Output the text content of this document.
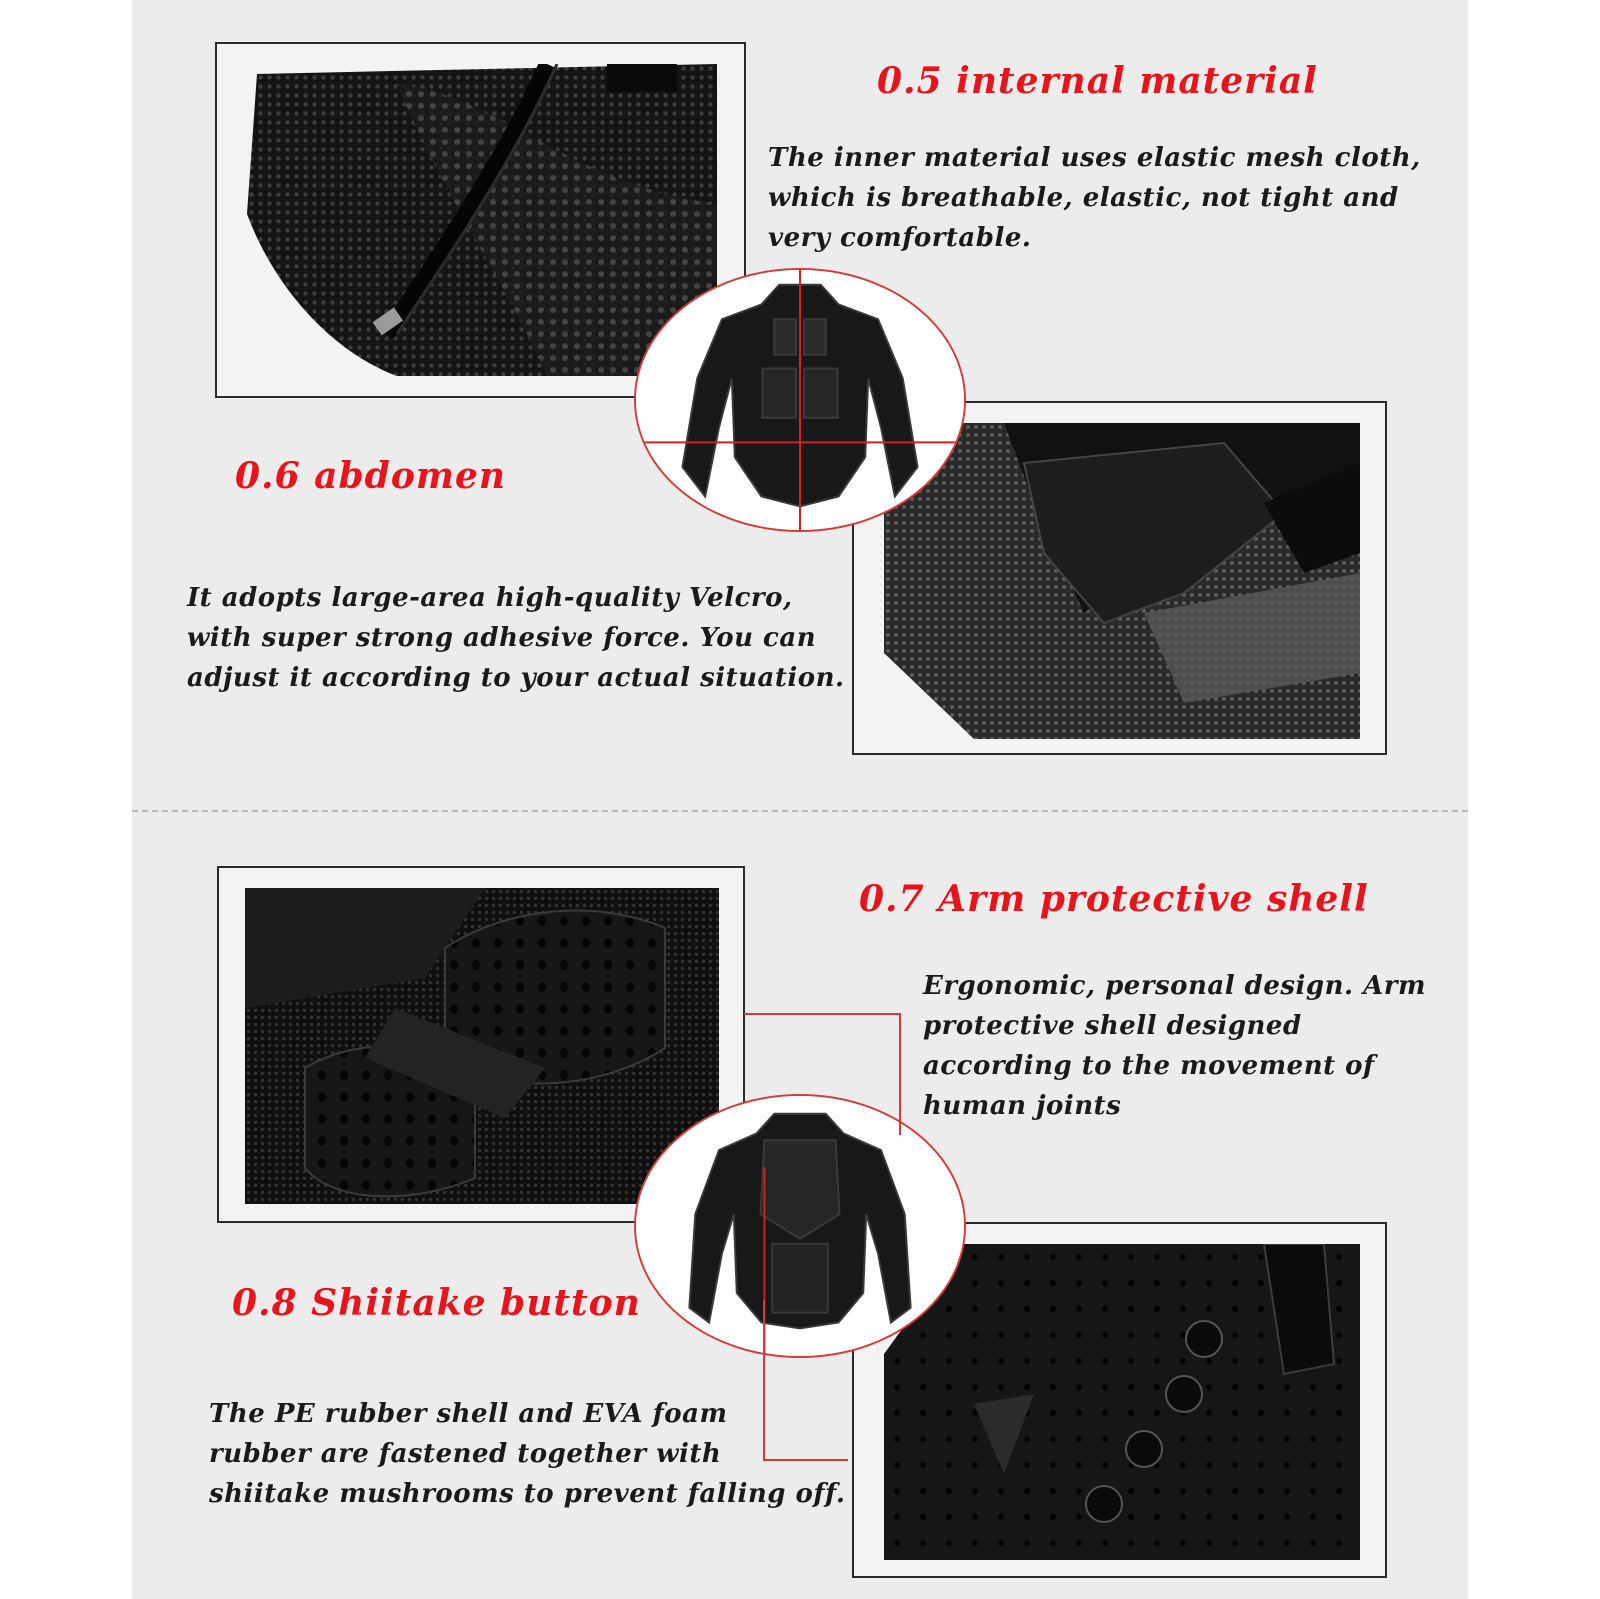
0.5 internal material
0.6 abdomen
0.7 Arm protective shell
0.8 Shiitake button

The inner material uses elastic mesh cloth,

which is breathable, elastic, not tight and

very comfortable.

It adopts large-area high-quality Velcro,

with super strong adhesive force. You can

adjust it according to your actual situation.

Ergonomic, personal design. Arm

protective shell designed

according to the movement of

human joints

The PE rubber shell and EVA foam

rubber are fastened together with

shiitake mushrooms to prevent falling off.
